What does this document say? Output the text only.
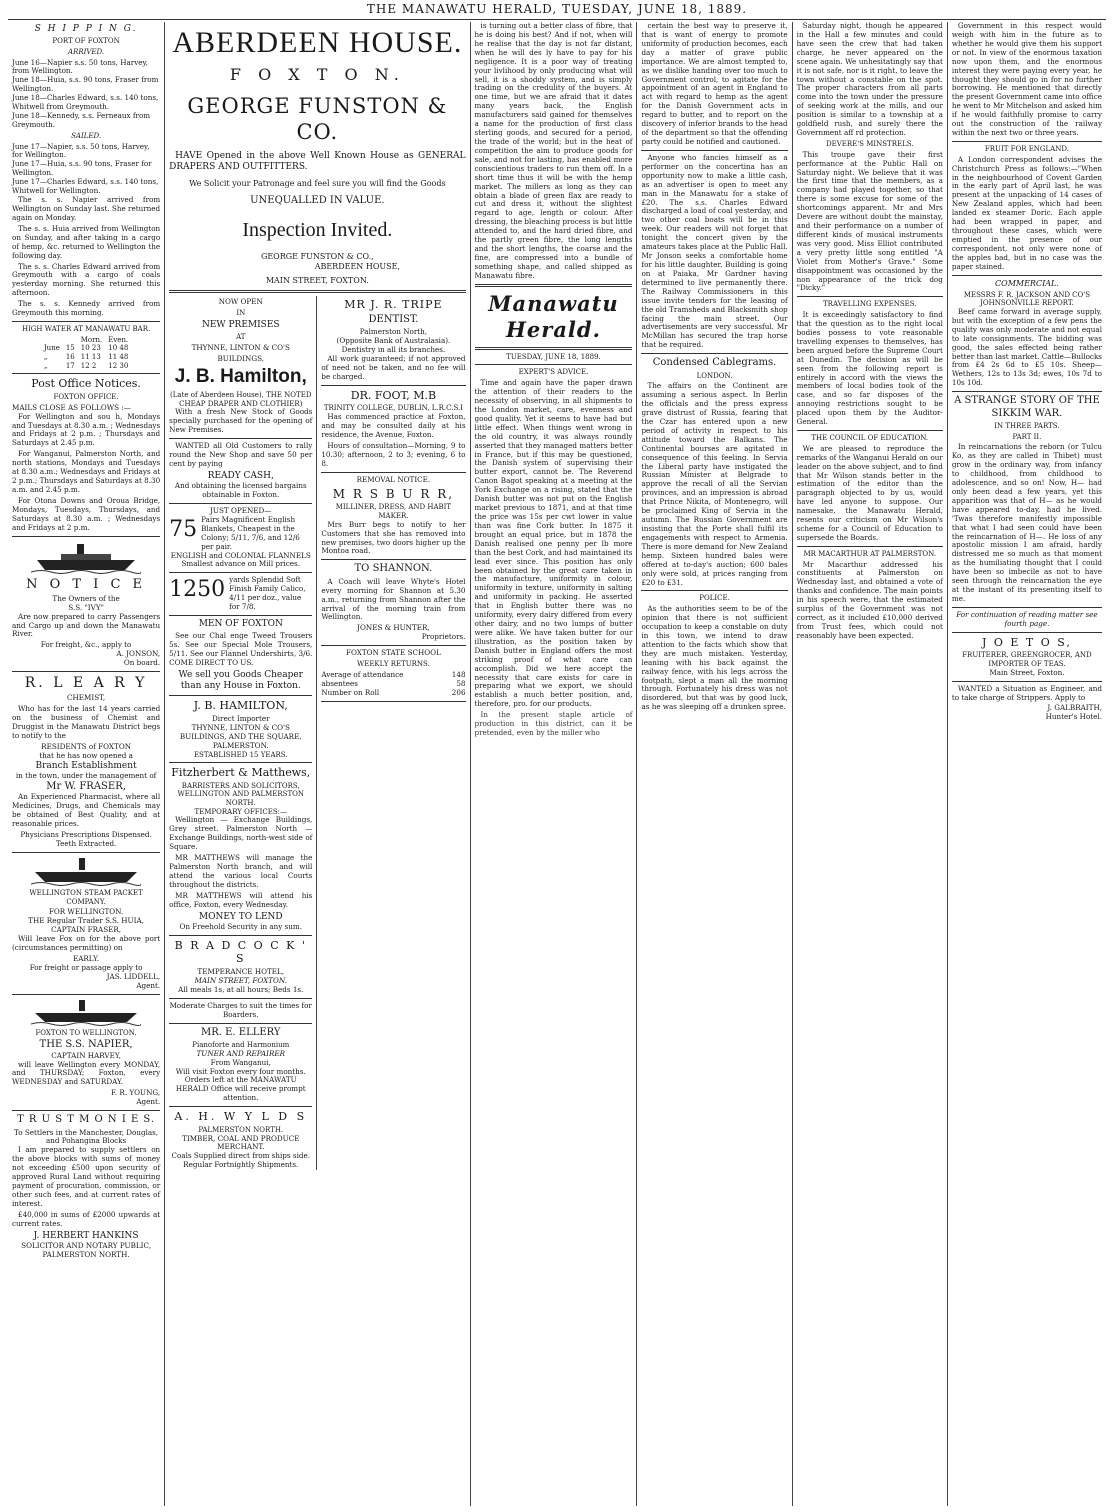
THE MANAWATU HERALD, TUESDAY, JUNE 18, 1889.
S H I P P I N G.
PORT OF FOXTON
ARRIVED.
June 16—Napier s.s. 50 tons, Harvey, from Wellington.
June 18—Huia, s.s. 90 tons, Fraser from Wellington.
June 18—Charles Edward, s.s. 140 tons, Whitwell from Greymouth.
June 18—Kennedy, s.s. Ferneaux from Greymouth.
SAILED.
June 17—Napier, s.s. 50 tons, Harvey, for Wellington.
June 17—Huia, s.s. 90 tons, Fraser for Wellington.
June 17—Charles Edward, s.s. 140 tons, Whitwell for Wellington.

The s. s. Napier arrived from Wellington on Sunday last. She returned again on Monday.

The s. s. Huia arrived from Wellington on Sunday, and after taking in a cargo of hemp, &c. returned to Wellington the following day.

The s. s. Charles Edward arrived from Greymouth with a cargo of coals yesterday morning. She returned this afternoon.

The s. s. Kennedy arrived from Greymouth this morning.

HIGH WATER AT MANAWATU BAR.
		Morn.	Even.
June	15	10 23	10 48
„	16	11 13	11 48
„	17	12 2	12 30
Post Office Notices.
FOXTON OFFICE.
MAILS CLOSE AS FOLLOWS :—

For Wellington and sou h, Mondays and Tuesdays at 8.30 a.m. ; Wednesdays and Fridays at 2 p.m. ; Thursdays and Saturdays at 2.45 p.m.

For Wanganui, Palmerston North, and north stations, Mondays and Tuesdays at 8.30 a.m.; Wednesdays and Fridays at 2 p.m.; Thursdays and Saturdays at 8.30 a.m. and 2.45 p.m.

For Otona Downs and Oroua Bridge, Mondays, Tuesdays, Thursdays, and Saturdays at 8.30 a.m. ; Wednesdays and Fridays at 2 p.m.

N O T I C E
The Owners of the
S.S. "IVY"

Are now prepared to carry Passengers and Cargo up and down the Manawatu River.

For freight, &c., apply to
A. JONSON,
On board.
R. L E A R Y
CHEMIST,

Who has for the last 14 years carried on the business of Chemist and Druggist in the Manawatu District begs to notify to the

RESIDENTS of FOXTON
that he has now opened a
Branch Establishment
in the town, under the management of
Mr W. FRASER,

An Experienced Pharmacist, where all Medicines, Drugs, and Chemicals may be obtained of Best Quality, and at reasonable prices.

Physicians Prescriptions Dispensed.
Teeth Extracted.
WELLINGTON STEAM PACKET COMPANY.
FOR WELLINGTON.
THE Regular Trader S.S. HUIA,
CAPTAIN FRASER,

Will leave Fox on for the above port (circumstances permitting) on

EARLY.
For freight or passage apply to
JAS. LIDDELL,
Agent.
FOXTON TO WELLINGTON.
THE S.S. NAPIER,
CAPTAIN HARVEY,

will leave Wellington every MONDAY, and THURSDAY; Foxton, every WEDNESDAY and SATURDAY.

F. R. YOUNG,
Agent.
T R U S T M O N I E S.
To Settlers in the Manchester, Douglas, and Pohangina Blocks

I am prepared to supply settlers on the above blocks with sums of money not exceeding £500 upon security of approved Rural Land without requiring payment of procuration, commission, or other such fees, and at current rates of interest.

£40,000 in sums of £2000 upwards at current rates.

J. HERBERT HANKINS
SOLICITOR AND NOTARY PUBLIC,
PALMERSTON NORTH.
ABERDEEN HOUSE.
F O X T O N.
GEORGE FUNSTON & CO.

HAVE Opened in the above Well Known House as GENERAL DRAPERS AND OUTFITTERS.

We Solicit your Patronage and feel sure you will find the Goods
UNEQUALLED IN VALUE.
Inspection Invited.
GEORGE FUNSTON & CO.,
ABERDEEN HOUSE,
MAIN STREET, FOXTON.
NOW OPEN
IN
NEW PREMISES
AT
THYNNE, LINTON & CO'S
BUILDINGS,
J. B. Hamilton,
(Late of Aberdeen House), THE NOTED CHEAP DRAPER AND CLOTHIER)

With a fresh New Stock of Goods specially purchased for the opening of New Premises.

WANTED all Old Customers to rally round the New Shop and save 50 per cent by paying

READY CASH,
And obtaining the licensed bargains obtainable in Foxton.
JUST OPENED—
75 Pairs Magnificent English Blankets, Cheapest in the Colony; 5/11, 7/6, and 12/6 per pair.
ENGLISH and COLONIAL FLANNELS Smallest advance on Mill prices.
1250 yards Splendid Soft Finish Family Calico, 4/11 per doz., value for 7/8.
MEN OF FOXTON

See our Chal enge Tweed Trousers 5s. See our Special Mole Trousers, 5/11. See our Flannel Undershirts, 3/6. COME DIRECT TO US.

We sell you Goods Cheaper than any House in Foxton.
J. B. HAMILTON,
Direct Importer
THYNNE, LINTON & CO'S BUILDINGS, AND THE SQUARE, PALMERSTON.
ESTABLISHED 15 YEARS.
Fitzherbert & Matthews,
BARRISTERS AND SOLICITORS,
WELLINGTON AND PALMERSTON NORTH.
TEMPORARY OFFICES:—

Wellington — Exchange Buildings, Grey street. Palmerston North —Exchange Buildings, north-west side of Square.

MR MATTHEWS will manage the Palmerston North branch, and will attend the various local Courts throughout the districts.

MR MATTHEWS will attend his office, Foxton, every Wednesday.

MONEY TO LEND
On Freehold Security in any sum.
B R A D C O C K ' S
TEMPERANCE HOTEL,
MAIN STREET, FOXTON.
All meals 1s, at all hours; Beds 1s.
Moderate Charges to suit the times for Boarders.
MR. E. ELLERY
Pianoforte and Harmonium
TUNER AND REPAIRER
From Wanganui,
Will visit Foxton every four months.
Orders left at the MANAWATU HERALD Office will receive prompt attention.
A. H. W Y L D S
PALMERSTON NORTH.
TIMBER, COAL AND PRODUCE MERCHANT.
Coals Supplied direct from ships side.
Regular Fortnightly Shipments.
MR J. R. TRIPE
DENTIST.
Palmerston North,
(Opposite Bank of Australasia).
Dentistry in all its branches.

All work guaranteed; if not approved of need not be taken, and no fee will be charged.

DR. FOOT, M.B
TRINITY COLLEGE, DUBLIN, L.R.C.S.I

Has commenced practice at Foxton, and may be consulted daily at his residence, the Avenue, Foxton.

Hours of consultation—Morning, 9 to 10.30; afternoon, 2 to 3; evening, 6 to 8.

REMOVAL NOTICE.
M R S B U R R,
MILLINER, DRESS, AND HABIT MAKER.

Mrs Burr begs to notify to her Customers that she has removed into new premises, two doors higher up the Montoa road.

TO SHANNON.

A Coach will leave Whyte's Hotel every morning for Shannon at 5.30 a.m., returning from Shannon after the arrival of the morning train from Wellington.

JONES & HUNTER,
Proprietors.
FOXTON STATE SCHOOL
WEEKLY RETURNS.
Average of attendance	148
absentees	58
Number on Roll	206

is turning out a better class of fibre, that he is doing his best? And if not, when will he realise that the day is not far distant, when he will des ly have to pay for his negligence. It is a poor way of treating your livlihood by only producing what will sell, it is a shoddy system, and is simply trading on the credulity of the buyers. At one time, but we are afraid that it dates many years back, the English manufacturers said gained for themselves a name for the production of first class sterling goods, and secured for a period, the trade of the world; but in the heat of competition the aim to produce goods for sale, and not for lasting, has enabled more conscientious traders to run them off. In a short time thus it will be with the hemp market. The millers as long as they can obtain a blade of green flax are ready to cut and dress it, without the slightest regard to age, length or colour. After dressing, the bleaching process is but little attended to, and the hard dried fibre, and the partly green fibre, the long lengths and the short lengths, the coarse and the fine, are compressed into a bundle of something shape, and called shipped as Manawatu fibre.

Manawatu Herald.
TUESDAY, JUNE 18, 1889.
EXPERT'S ADVICE.

Time and again have the paper drawn the attention of their readers to the necessity of observing, in all shipments to the London market, care, evenness and good quality. Yet it seems to have had but little effect. When things went wrong in the old country, it was always roundly asserted that they managed matters better in France, but if this may be questioned, the Danish system of supervising their butter export, cannot be. The Reverend Canon Bagot speaking at a meeting at the York Exchange on a rising, stated that the Danish butter was not put on the English market previous to 1871, and at that time the price was 15s per cwt lower in value than was fine Cork butter. In 1875 it brought an equal price, but in 1878 the Danish realised one penny per lb more than the best Cork, and had maintained its lead ever since. This position has only been obtained by the great care taken in the manufacture, uniformity in colour, uniformity in texture, uniformity in salting and uniformity in packing. He asserted that in English butter there was no uniformity, every dairy differed from every other dairy, and no two lumps of butter were alike. We have taken butter for our illustration, as the position taken by Danish butter in England offers the most striking proof of what care can accomplish. Did we here accept the necessity that care exists for care in preparing what we export, we should establish a much better position, and, therefore, pro. for our products.

In the present staple article of production in this district, can it be pretended, even by the miller who

certain the best way to preserve it, that is want of energy to promote uniformity of production becomes, each day a matter of grave public importance. We are almost tempted to, as we dislike handing over too much to Government control, to agitate for the appointment of an agent in England to act with regard to hemp as the agent for the Danish Government acts in regard to butter, and to report on the discovery of inferior brands to the head of the department so that the offending party could be notified and cautioned.

Anyone who fancies himself as a performer on the concertina has an opportunity now to make a little cash, as an advertiser is open to meet any man in the Manawatu for a stake of £20. The s.s. Charles Edward discharged a load of coal yesterday, and two other coal boats will be in this week. Our readers will not forget that tonight the concert given by the amateurs takes place at the Public Hall. Mr Jonson seeks a comfortable home for his little daughter. Building is going on at Paiaka, Mr Gardner having determined to live permanently there. The Railway Commissioners in this issue invite tenders for the leasing of the old Tramsheds and Blacksmith shop facing the main street. Our advertisements are very successful. Mr McMillan has secured the trap horse that he required.

Condensed Cablegrams.
LONDON.

The affairs on the Continent are assuming a serious aspect. In Berlin the officials and the press express grave distrust of Russia, fearing that the Czar has entered upon a new period of activity in respect to his attitude toward the Balkans. The Continental bourses are agitated in consequence of this feeling. In Servia the Liberal party have instigated the Russian Minister at Belgrade to approve the recall of all the Servian provinces, and an impression is abroad that Prince Nikita, of Montenegro, will be proclaimed King of Servia in the autumn. The Russian Government are insisting that the Porte shall fulfil its engagements with respect to Armenia. There is more demand for New Zealand hemp. Sixteen hundred bales were offered at to-day's auction; 600 bales only were sold, at prices ranging from £20 to £31.

POLICE.

As the authorities seem to be of the opinion that there is not sufficient occupation to keep a constable on duty in this town, we intend to draw attention to the facts which show that they are much mistaken. Yesterday, leaning with his back against the railway fence, with his legs across the footpath, slept a man all the morning through. Fortunately his dress was not disordered, but that was by good luck, as he was sleeping off a drunken spree.

Saturday night, though he appeared in the Hall a few minutes and could have seen the crew that had taken charge, he never appeared on the scene again. We unhesitatingly say that it is not safe, nor is it right, to leave the town without a constable on the spot. The proper characters from all parts come into the town under the pressure of seeking work at the mills, and our position is similar to a township at a goldfield rush, and surely there the Government aff rd protection.

DEVERE'S MINSTRELS.

This troupe gave their first performance at the Public Hall on Saturday night. We believe that it was the first time that the members, as a company had played together, so that there is some excuse for some of the shortcomings apparent. Mr and Mrs Devere are without doubt the mainstay, and their performance on a number of different kinds of musical instruments was very good. Miss Elliot contributed a very pretty little song entitled "A Violet from Mother's Grave." Some disappointment was occasioned by the non appearance of the trick dog "Dicky."

TRAVELLING EXPENSES.

It is exceedingly satisfactory to find that the question as to the right local bodies possess to vote reasonable travelling expenses to themselves, has been argued before the Supreme Court at Dunedin. The decision as will be seen from the following report is entirely in accord with the views the members of local bodies took of the case, and so far disposes of the annoying restrictions sought to be placed upon them by the Auditor-General.

THE COUNCIL OF EDUCATION.

We are pleased to reproduce the remarks of the Wanganui Herald on our leader on the above subject, and to find that Mr Wilson stands better in the estimation of the editor than the paragraph objected to by us, would have led anyone to suppose. Our namesake, the Manawatu Herald, resents our criticism on Mr Wilson's scheme for a Council of Education to supersede the Boards.

MR MACARTHUR AT PALMERSTON.

Mr Macarthur addressed his constituents at Palmerston on Wednesday last, and obtained a vote of thanks and confidence. The main points in his speech were, that the estimated surplus of the Government was not correct, as it included £10,000 derived from Trust fees, which could not reasonably have been expected.

Government in this respect would weigh with him in the future as to whether he would give them his support or not. In view of the enormous taxation now upon them, and the enormous interest they were paying every year, he thought they should go in for no further borrowing. He mentioned that directly the present Government came into office he went to Mr Mitchelson and asked him if he would faithfully promise to carry out the construction of the railway within the next two or three years.

FRUIT FOR ENGLAND.

A London correspondent advises the Christchurch Press as follows:—"When in the neighbourhood of Covent Garden in the early part of April last, he was present at the unpacking of 14 cases of New Zealand apples, which had been landed ex steamer Doric. Each apple had been wrapped in paper, and throughout these cases, which were emptied in the presence of our correspondent, not only were none of the apples bad, but in no case was the paper stained.

COMMERCIAL.
MESSRS F. R. JACKSON AND CO'S JOHNSONVILLE REPORT.

Beef came forward in average supply, but with the exception of a few pens the quality was only moderate and not equal to late consignments. The bidding was good, the sales effected being rather better than last market. Cattle—Bullocks from £4 2s 6d to £5 10s. Sheep—Wethers, 12s to 13s 3d; ewes, 10s 7d to 10s 10d.

A STRANGE STORY OF THE SIKKIM WAR.
IN THREE PARTS.
PART II.

In reincarnations the reborn (or Tulcu Ko, as they are called in Thibet) must grow in the ordinary way, from infancy to childhood, from childhood to adolescence, and so on! Now, H— had only been dead a few years, yet this apparition was that of H— as he would have appeared to-day, had he lived. 'Twas therefore manifestly impossible that what I had seen could have been the reincarnation of H—. He loss of any apostolic mission I am afraid, hardly distressed me so much as that moment as the humiliating thought that I could have been so imbecile as not to have seen through the reincarnation the eye at the instant of its presenting itself to me.

For continuation of reading matter see fourth page.
J O E T O S,
FRUITERER, GREENGROCER, AND IMPORTER OF TEAS.
Main Street, Foxton.

WANTED a Situation as Engineer, and to take charge of Strippers. Apply to

J. GALBRAITH,
Hunter's Hotel.
